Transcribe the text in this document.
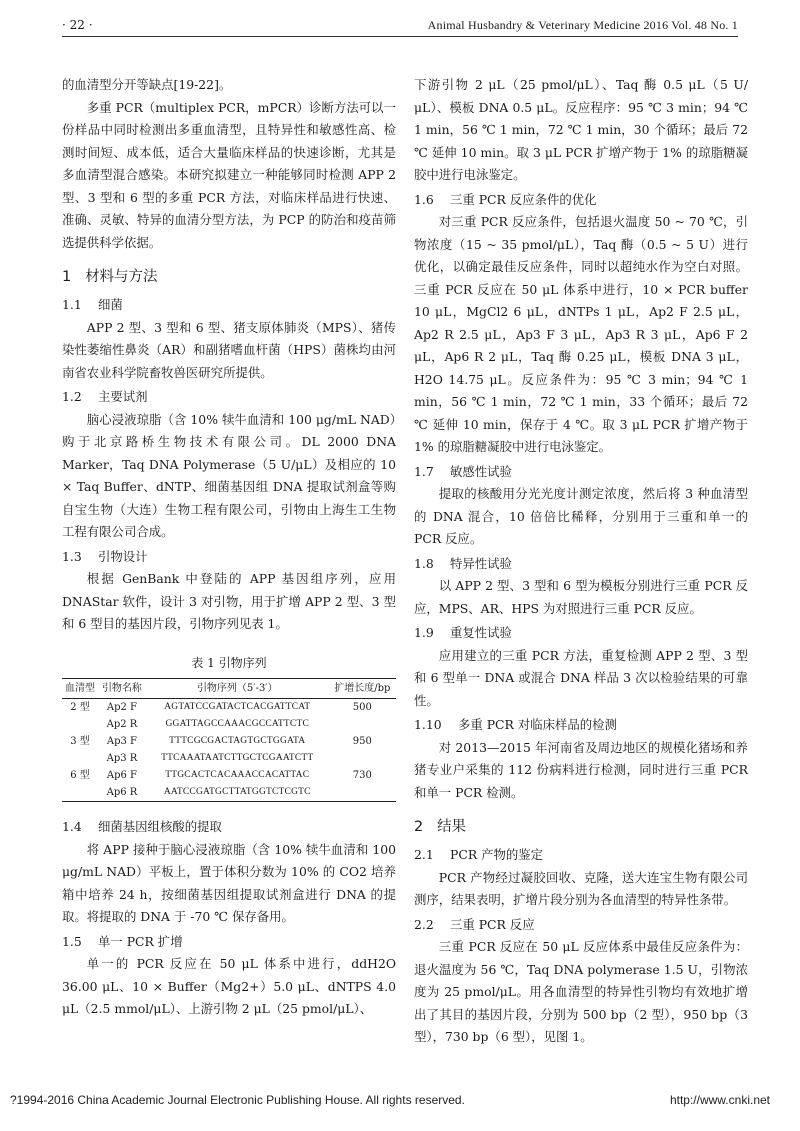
· 22 ·	Animal Husbandry & Veterinary Medicine 2016 Vol. 48 No. 1

的血清型分开等缺点[19-22]。

多重 PCR（multiplex PCR，mPCR）诊断方法可以一份样品中同时检测出多重血清型，且特异性和敏感性高、检测时间短、成本低，适合大量临床样品的快速诊断，尤其是多血清型混合感染。本研究拟建立一种能够同时检测 APP 2 型、3 型和 6 型的多重 PCR 方法，对临床样品进行快速、准确、灵敏、特异的血清分型方法，为 PCP 的防治和疫苗筛选提供科学依据。

1 材料与方法
1.1 细菌

APP 2 型、3 型和 6 型、猪支原体肺炎（MPS）、猪传染性萎缩性鼻炎（AR）和副猪嗜血杆菌（HPS）菌株均由河南省农业科学院畜牧兽医研究所提供。

1.2 主要试剂

脑心浸液琼脂（含 10% 犊牛血清和 100 μg/mL NAD）购于北京路桥生物技术有限公司。DL 2000 DNA Marker，Taq DNA Polymerase（5 U/μL）及相应的 10 × Taq Buffer、dNTP、细菌基因组 DNA 提取试剂盒等购自宝生物（大连）生物工程有限公司，引物由上海生工生物工程有限公司合成。

1.3 引物设计

根据 GenBank 中登陆的 APP 基因组序列，应用 DNAStar 软件，设计 3 对引物，用于扩增 APP 2 型、3 型和 6 型目的基因片段，引物序列见表 1。

表 1 引物序列
血清型	引物名称	引物序列（5′-3′）	扩增长度/bp
2 型	Ap2 F	AGTATCCGATACTCACGATTCAT	500
	Ap2 R	GGATTAGCCAAACGCCATTCTC	
3 型	Ap3 F	TTTCGCGACTAGTGCTGGATA	950
	Ap3 R	TTCAAATAATCTTGCTCGAATCTT	
6 型	Ap6 F	TTGCACTCACAAACCACATTAC	730
	Ap6 R	AATCCGATGCTTATGGTCTCGTC	
1.4 细菌基因组核酸的提取

将 APP 接种于脑心浸液琼脂（含 10% 犊牛血清和 100 μg/mL NAD）平板上，置于体积分数为 10% 的 CO2 培养箱中培养 24 h，按细菌基因组提取试剂盒进行 DNA 的提取。将提取的 DNA 于 -70 ℃ 保存备用。

1.5 单一 PCR 扩增

单一的 PCR 反应在 50 μL 体系中进行，ddH2O 36.00 μL、10 × Buffer（Mg2+）5.0 μL、dNTPS 4.0 μL（2.5 mmol/μL）、上游引物 2 μL（25 pmol/μL）、

下游引物 2 μL（25 pmol/μL）、Taq 酶 0.5 μL（5 U/μL）、模板 DNA 0.5 μL。反应程序：95 ℃ 3 min；94 ℃ 1 min，56 ℃ 1 min，72 ℃ 1 min，30 个循环；最后 72 ℃ 延伸 10 min。取 3 μL PCR 扩增产物于 1% 的琼脂糖凝胶中进行电泳鉴定。

1.6 三重 PCR 反应条件的优化

对三重 PCR 反应条件，包括退火温度 50 ~ 70 ℃，引物浓度（15 ~ 35 pmol/μL），Taq 酶（0.5 ~ 5 U）进行优化，以确定最佳反应条件，同时以超纯水作为空白对照。三重 PCR 反应在 50 μL 体系中进行，10 × PCR buffer 10 μL，MgCl2 6 μL，dNTPs 1 μL，Ap2 F 2.5 μL，Ap2 R 2.5 μL，Ap3 F 3 μL，Ap3 R 3 μL，Ap6 F 2 μL，Ap6 R 2 μL，Taq 酶 0.25 μL，模板 DNA 3 μL，H2O 14.75 μL。反应条件为：95 ℃ 3 min；94 ℃ 1 min，56 ℃ 1 min，72 ℃ 1 min，33 个循环；最后 72 ℃ 延伸 10 min，保存于 4 ℃。取 3 μL PCR 扩增产物于 1% 的琼脂糖凝胶中进行电泳鉴定。

1.7 敏感性试验

提取的核酸用分光光度计测定浓度，然后将 3 种血清型的 DNA 混合，10 倍倍比稀释，分别用于三重和单一的 PCR 反应。

1.8 特异性试验

以 APP 2 型、3 型和 6 型为模板分别进行三重 PCR 反应，MPS、AR、HPS 为对照进行三重 PCR 反应。

1.9 重复性试验

应用建立的三重 PCR 方法，重复检测 APP 2 型、3 型和 6 型单一 DNA 或混合 DNA 样品 3 次以检验结果的可靠性。

1.10 多重 PCR 对临床样品的检测

对 2013—2015 年河南省及周边地区的规模化猪场和养猪专业户采集的 112 份病料进行检测，同时进行三重 PCR 和单一 PCR 检测。

2 结果
2.1 PCR 产物的鉴定

PCR 产物经过凝胶回收、克隆，送大连宝生物有限公司测序，结果表明，扩增片段分别为各血清型的特异性条带。

2.2 三重 PCR 反应

三重 PCR 反应在 50 μL 反应体系中最佳反应条件为：退火温度为 56 ℃，Taq DNA polymerase 1.5 U，引物浓度为 25 pmol/μL。用各血清型的特异性引物均有效地扩增出了其目的基因片段，分别为 500 bp（2 型），950 bp（3 型），730 bp（6 型），见图 1。

?1994-2016 China Academic Journal Electronic Publishing House. All rights reserved.	http://www.cnki.net
